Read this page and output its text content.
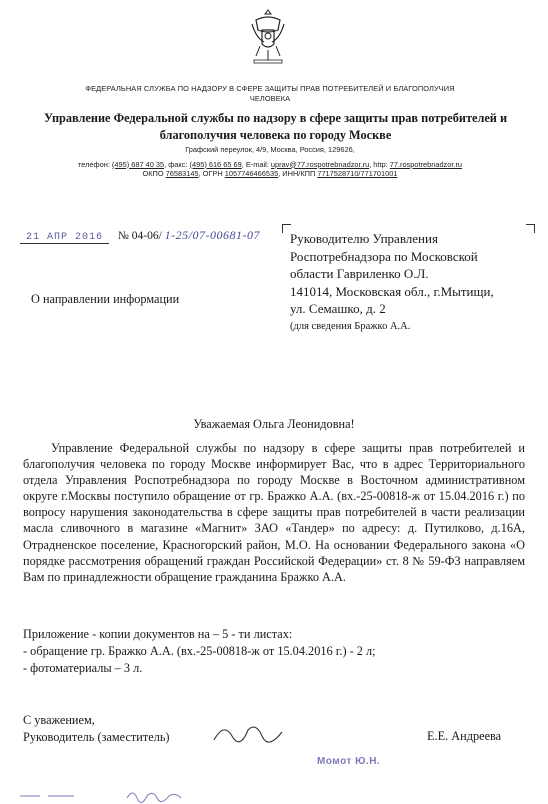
ФЕДЕРАЛЬНАЯ СЛУЖБА ПО НАДЗОРУ В СФЕРЕ ЗАЩИТЫ ПРАВ ПОТРЕБИТЕЛЕЙ И БЛАГОПОЛУЧИЯ
ЧЕЛОВЕКА
Управление Федеральной службы по надзору в сфере защиты прав потребителей и
благополучия человека по городу Москве
Графский переулок, 4/9, Москва, Россия, 129626,
телефон: (495) 687 40 35, факс: (495) 616 65 69, E-mail: uprav@77.rospotrebnadzor.ru, http: 77.rospotrebnadzor.ru
ОКПО 76583145, ОГРН 1057746466535, ИНН/КПП 7717528710/771701001
21 АПР 2016 № 04-06/ 1-25/07-00681-07 Руководителю Управления
Роспотребнадзора по Московской
области Гавриленко О.Л.
141014, Московская обл., г.Мытищи,
ул. Семашко, д. 2
(для сведения Бражко А.А.
О направлении информации
Уважаемая Ольга Леонидовна!
Управление Федеральной службы по надзору в сфере защиты прав потребителей и благополучия человека по городу Москве информирует Вас, что в адрес Территориального отдела Управления Роспотребнадзора по городу Москве в Восточном административном округе г.Москвы поступило обращение от гр. Бражко А.А. (вх.-25-00818-ж от 15.04.2016 г.) по вопросу нарушения законодательства в сфере защиты прав потребителей в части реализации масла сливочного в магазине «Магнит» ЗАО «Тандер» по адресу: д. Путилково, д.16А, Отрадненское поселение, Красногорский район, М.О. На основании Федерального закона «О порядке рассмотрения обращений граждан Российской Федерации» ст. 8 № 59-ФЗ направляем Вам по принадлежности обращение гражданина Бражко А.А.
Приложение - копии документов на – 5 - ти листах:
- обращение гр. Бражко А.А. (вх.-25-00818-ж от 15.04.2016 г.) - 2 л;
- фотоматериалы – 3 л.
С уважением,
Руководитель (заместитель)	Е.Е. Андреева
Момот Ю.Н.
